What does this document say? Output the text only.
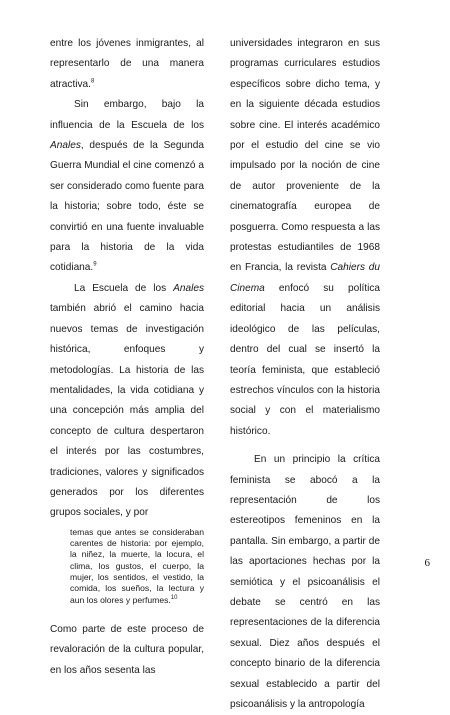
entre los jóvenes inmigrantes, al representarlo de una manera atractiva.$^8$

Sin embargo, bajo la influencia de la Escuela de los Anales, después de la Segunda Guerra Mundial el cine comenzó a ser considerado como fuente para la historia; sobre todo, éste se convirtió en una fuente invaluable para la historia de la vida cotidiana.$^9$

La Escuela de los Anales también abrió el camino hacia nuevos temas de investigación histórica, enfoques y metodologías. La historia de las mentalidades, la vida cotidiana y una concepción más amplia del concepto de cultura despertaron el interés por las costumbres, tradiciones, valores y significados generados por los diferentes grupos sociales, y por

temas que antes se consideraban carentes de historia: por ejemplo, la niñez, la muerte, la locura, el clima, los gustos, el cuerpo, la mujer, los sentidos, el vestido, la comida, los sueños, la lectura y aun los olores y perfumes.$^{10}$

Como parte de este proceso de revaloración de la cultura popular, en los años sesenta las

universidades integraron en sus programas curriculares estudios específicos sobre dicho tema, y en la siguiente década estudios sobre cine. El interés académico por el estudio del cine se vio impulsado por la noción de cine de autor proveniente de la cinematografía europea de posguerra. Como respuesta a las protestas estudiantiles de 1968 en Francia, la revista Cahiers du Cinema enfocó su política editorial hacia un análisis ideológico de las películas, dentro del cual se insertó la teoría feminista, que estableció estrechos vínculos con la historia social y con el materialismo histórico.

En un principio la crítica feminista se abocó a la representación de los estereotipos femeninos en la pantalla. Sin embargo, a partir de las aportaciones hechas por la semiótica y el psicoanálisis el debate se centró en las representaciones de la diferencia sexual. Diez años después el concepto binario de la diferencia sexual establecido a partir del psicoanálisis y la antropología

6
